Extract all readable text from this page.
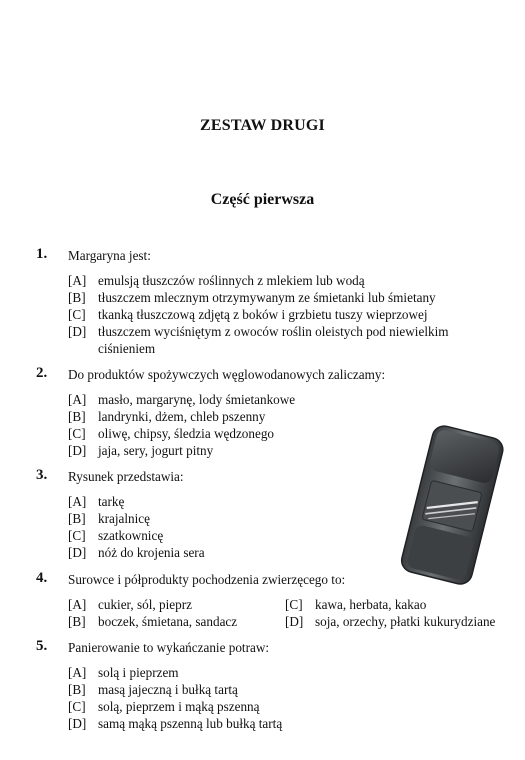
ZESTAW DRUGI
Część pierwsza
1. Margaryna jest:
[A] emulsją tłuszczów roślinnych z mlekiem lub wodą
[B] tłuszczem mlecznym otrzymywanym ze śmietanki lub śmietany
[C] tkanką tłuszczową zdjętą z boków i grzbietu tuszy wieprzowej
[D] tłuszczem wyciśniętym z owoców roślin oleistych pod niewielkim ciśnieniem
2. Do produktów spożywczych węglowodanowych zaliczamy:
[A] masło, margarynę, lody śmietankowe
[B] landrynki, dżem, chleb pszenny
[C] oliwę, chipsy, śledzia wędzonego
[D] jaja, sery, jogurt pitny
3. Rysunek przedstawia:
[A] tarkę
[B] krajalnicę
[C] szatkownicę
[D] nóż do krojenia sera
4. Surowce i półprodukty pochodzenia zwierzęcego to:
[A] cukier, sól, pieprz
[B] boczek, śmietana, sandacz
[C] kawa, herbata, kakao
[D] soja, orzechy, płatki kukurydziane
5. Panierowanie to wykańczanie potraw:
[A] solą i pieprzem
[B] masą jajeczną i bułką tartą
[C] solą, pieprzem i mąką pszenną
[D] samą mąką pszenną lub bułką tartą
